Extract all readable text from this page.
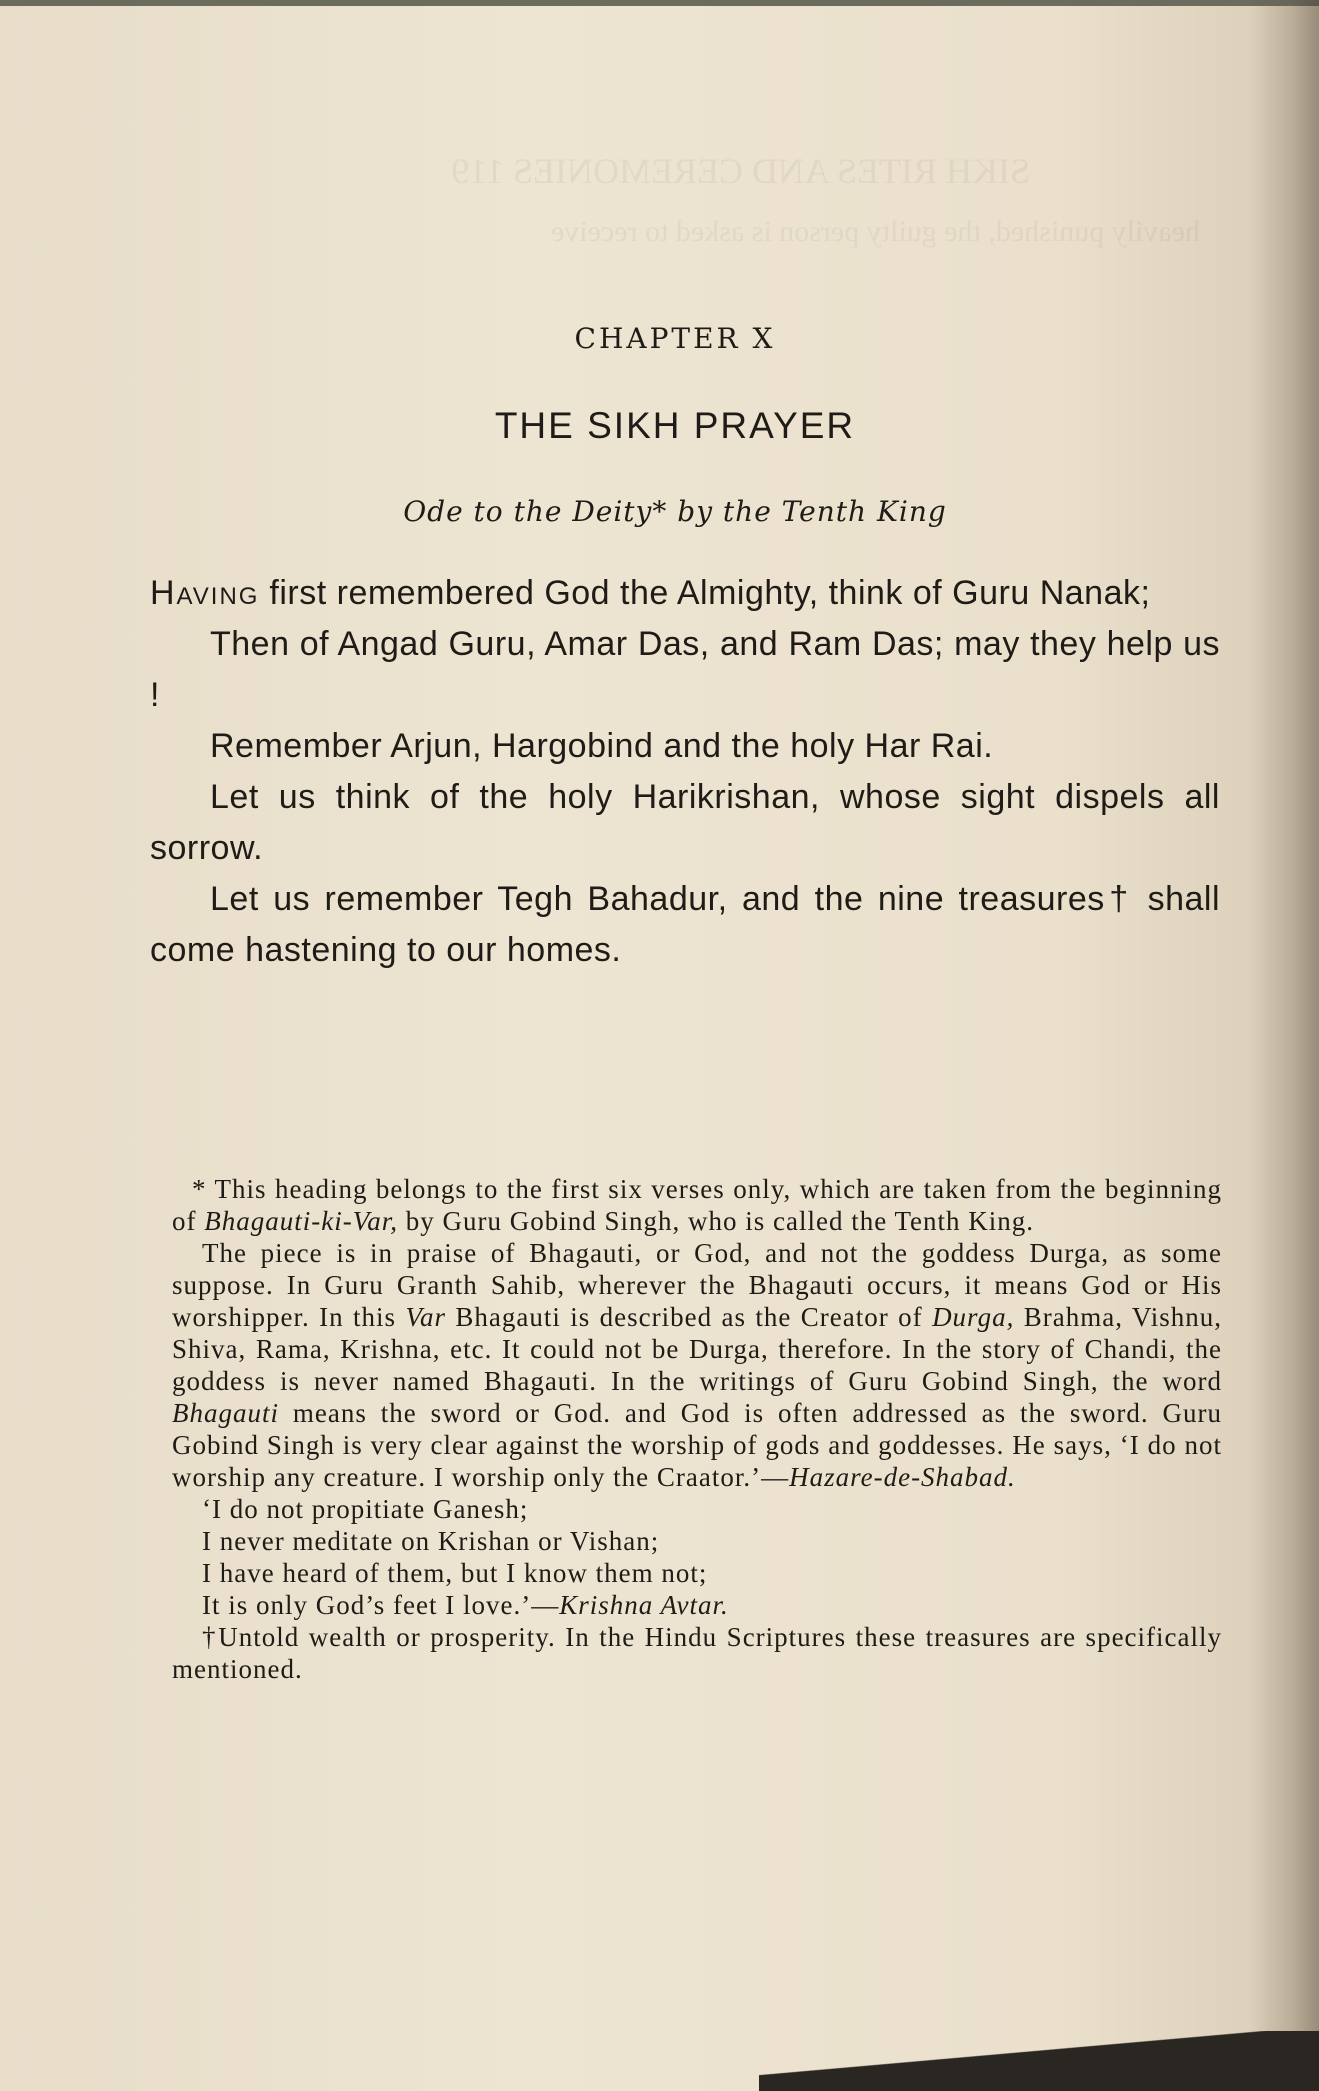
SIKH RITES AND CEREMONIES 119
heavily punished, the guilty person is asked to receive
CHAPTER X
THE SIKH PRAYER
Ode to the Deity* by the Tenth King

Having first remembered God the Almighty, think of Guru Nanak;

Then of Angad Guru, Amar Das, and Ram Das; may they help us !

Remember Arjun, Hargobind and the holy Har Rai.

Let us think of the holy Harikrishan, whose sight dispels all sorrow.

Let us remember Tegh Bahadur, and the nine treasures† shall come hastening to our homes.

* This heading belongs to the first six verses only, which are taken from the beginning of Bhagauti-ki-Var, by Guru Gobind Singh, who is called the Tenth King.

The piece is in praise of Bhagauti, or God, and not the goddess Durga, as some suppose. In Guru Granth Sahib, wherever the Bhagauti occurs, it means God or His worshipper. In this Var Bhagauti is described as the Creator of Durga, Brahma, Vishnu, Shiva, Rama, Krishna, etc. It could not be Durga, therefore. In the story of Chandi, the goddess is never named Bhagauti. In the writings of Guru Gobind Singh, the word Bhagauti means the sword or God. and God is often addressed as the sword. Guru Gobind Singh is very clear against the worship of gods and goddesses. He says, ‘I do not worship any creature. I worship only the Craator.’—Hazare-de-Shabad.

‘I do not propitiate Ganesh;

I never meditate on Krishan or Vishan;

I have heard of them, but I know them not;

It is only God’s feet I love.’—Krishna Avtar.

†Untold wealth or prosperity. In the Hindu Scriptures these treasures are specifically mentioned.
